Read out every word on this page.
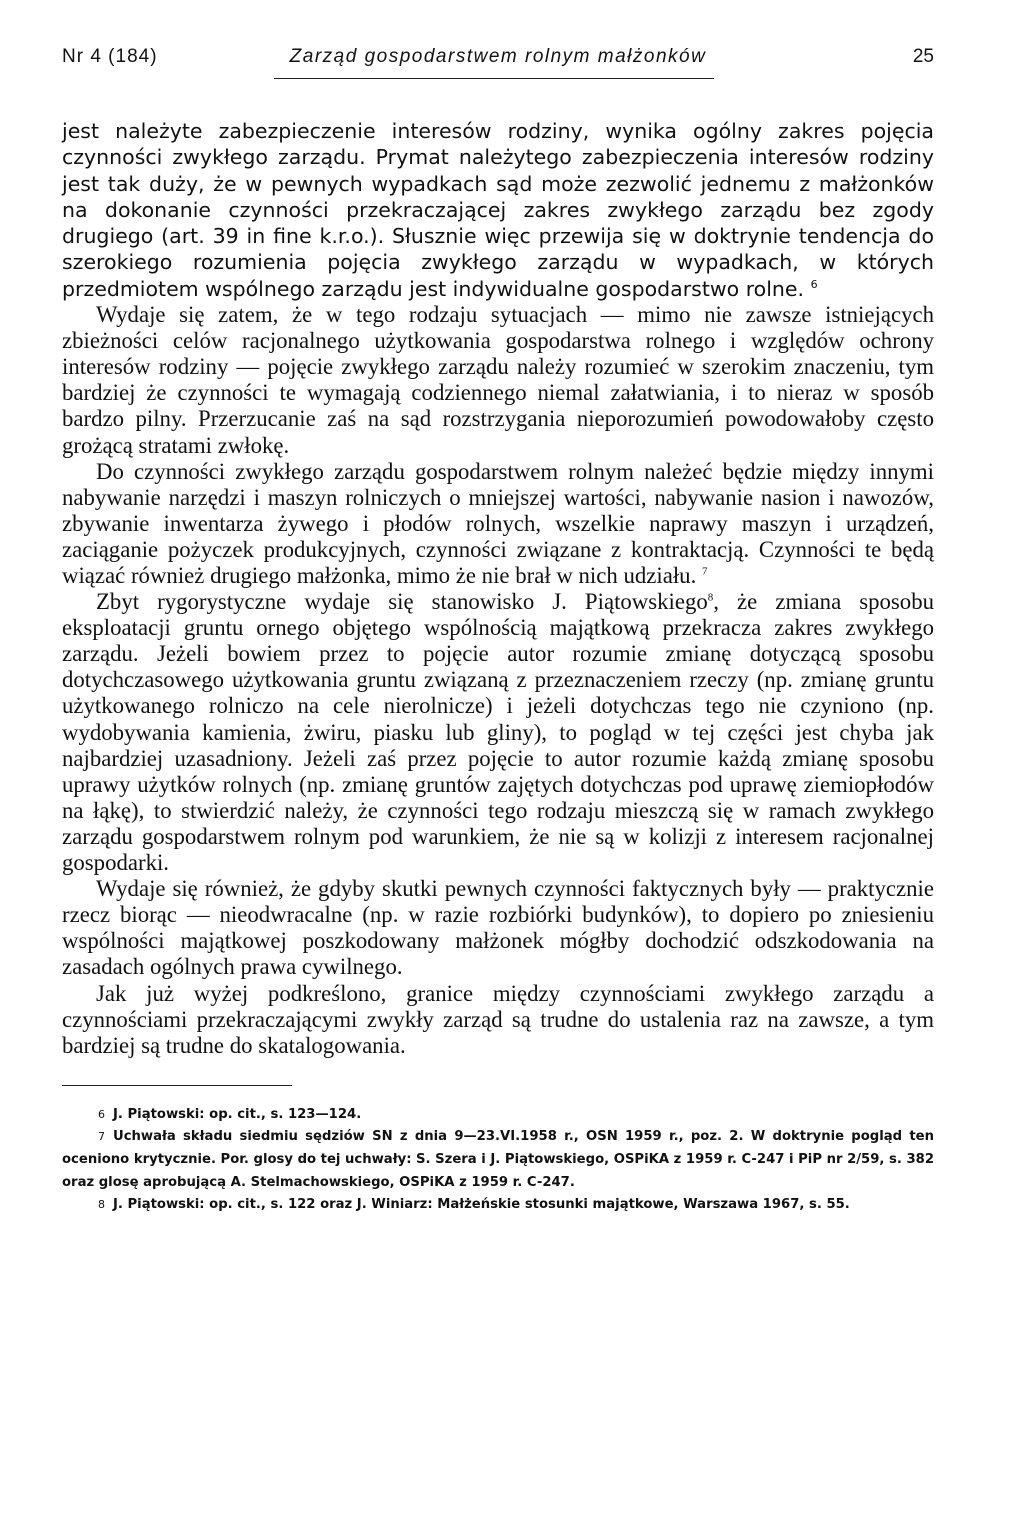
Nr 4 (184)	Zarząd gospodarstwem rolnym małżonków	25

jest należyte zabezpieczenie interesów rodziny, wynika ogólny zakres pojęcia czynności zwykłego zarządu. Prymat należytego zabezpieczenia interesów rodziny jest tak duży, że w pewnych wypadkach sąd może zezwolić jednemu z małżonków na dokonanie czynności przekraczającej zakres zwykłego zarządu bez zgody drugiego (art. 39 in fine k.r.o.). Słusznie więc przewija się w doktrynie tendencja do szerokiego rozumienia pojęcia zwykłego zarządu w wypadkach, w których przedmiotem wspólnego zarządu jest indywidualne gospodarstwo rolne. $^6$

Wydaje się zatem, że w tego rodzaju sytuacjach — mimo nie zawsze istniejących zbieżności celów racjonalnego użytkowania gospodarstwa rolnego i względów ochrony interesów rodziny — pojęcie zwykłego zarządu należy rozumieć w szerokim znaczeniu, tym bardziej że czynności te wymagają codziennego niemal załatwiania, i to nieraz w sposób bardzo pilny. Przerzucanie zaś na sąd rozstrzygania nieporozumień powodowałoby często grożącą stratami zwłokę.

Do czynności zwykłego zarządu gospodarstwem rolnym należeć będzie między innymi nabywanie narzędzi i maszyn rolniczych o mniejszej wartości, nabywanie nasion i nawozów, zbywanie inwentarza żywego i płodów rolnych, wszelkie naprawy maszyn i urządzeń, zaciąganie pożyczek produkcyjnych, czynności związane z kontraktacją. Czynności te będą wiązać również drugiego małżonka, mimo że nie brał w nich udziału. $^7$

Zbyt rygorystyczne wydaje się stanowisko J. Piątowskiego$^8$, że zmiana sposobu eksploatacji gruntu ornego objętego wspólnością majątkową przekracza zakres zwykłego zarządu. Jeżeli bowiem przez to pojęcie autor rozumie zmianę dotyczącą sposobu dotychczasowego użytkowania gruntu związaną z przeznaczeniem rzeczy (np. zmianę gruntu użytkowanego rolniczo na cele nierolnicze) i jeżeli dotychczas tego nie czyniono (np. wydobywania kamienia, żwiru, piasku lub gliny), to pogląd w tej części jest chyba jak najbardziej uzasadniony. Jeżeli zaś przez pojęcie to autor rozumie każdą zmianę sposobu uprawy użytków rolnych (np. zmianę gruntów zajętych dotychczas pod uprawę ziemiopłodów na łąkę), to stwierdzić należy, że czynności tego rodzaju mieszczą się w ramach zwykłego zarządu gospodarstwem rolnym pod warunkiem, że nie są w kolizji z interesem racjonalnej gospodarki.

Wydaje się również, że gdyby skutki pewnych czynności faktycznych były — praktycznie rzecz biorąc — nieodwracalne (np. w razie rozbiórki budynków), to dopiero po zniesieniu wspólności majątkowej poszkodowany małżonek mógłby dochodzić odszkodowania na zasadach ogólnych prawa cywilnego.

Jak już wyżej podkreślono, granice między czynnościami zwykłego zarządu a czynnościami przekraczającymi zwykły zarząd są trudne do ustalenia raz na zawsze, a tym bardziej są trudne do skatalogowania.

$^6$ J. Piątowski: op. cit., s. 123—124.

$^7$ Uchwała składu siedmiu sędziów SN z dnia 9—23.VI.1958 r., OSN 1959 r., poz. 2. W doktrynie pogląd ten oceniono krytycznie. Por. glosy do tej uchwały: S. Szera i J. Piątowskiego, OSPiKA z 1959 r. C-247 i PiP nr 2/59, s. 382 oraz glosę aprobującą A. Stelmachowskiego, OSPiKA z 1959 r. C-247.

$^8$ J. Piątowski: op. cit., s. 122 oraz J. Winiarz: Małżeńskie stosunki majątkowe, Warszawa 1967, s. 55.
